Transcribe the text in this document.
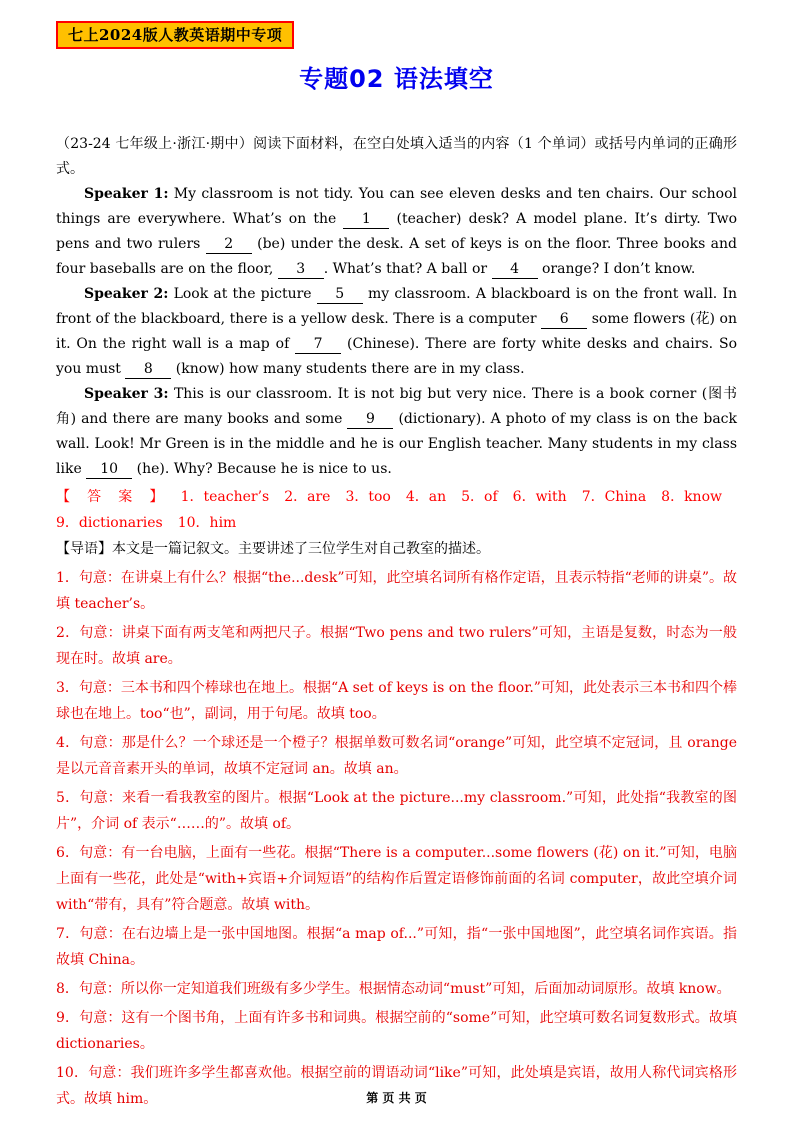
七上2024版人教英语期中专项
专题02 语法填空

（23-24 七年级上·浙江·期中）阅读下面材料，在空白处填入适当的内容（1 个单词）或括号内单词的正确形式。

Speaker 1: My classroom is not tidy. You can see eleven desks and ten chairs. Our school things are everywhere. What’s on the 1 (teacher) desk? A model plane. It’s dirty. Two pens and two rulers 2 (be) under the desk. A set of keys is on the floor. Three books and four baseballs are on the floor, 3 . What’s that? A ball or 4 orange? I don’t know.

Speaker 2: Look at the picture 5 my classroom. A blackboard is on the front wall. In front of the blackboard, there is a yellow desk. There is a computer 6 some flowers (花) on it. On the right wall is a map of 7 (Chinese). There are forty white desks and chairs. So you must 8 (know) how many students there are in my class.

Speaker 3: This is our classroom. It is not big but very nice. There is a book corner (图书角) and there are many books and some 9 (dictionary). A photo of my class is on the back wall. Look! Mr Green is in the middle and he is our English teacher. Many students in my class like 10 (he). Why? Because he is nice to us.

【答案】1．teacher’s 2．are 3．too 4．an 5．of 6．with 7．China 8．know9．dictionaries 10．him

【导语】本文是一篇记叙文。主要讲述了三位学生对自己教室的描述。

1．句意：在讲桌上有什么？根据“the...desk”可知，此空填名词所有格作定语，且表示特指“老师的讲桌”。故填 teacher’s。

2．句意：讲桌下面有两支笔和两把尺子。根据“Two pens and two rulers”可知，主语是复数，时态为一般现在时。故填 are。

3．句意：三本书和四个棒球也在地上。根据“A set of keys is on the floor.”可知，此处表示三本书和四个棒球也在地上。too“也”，副词，用于句尾。故填 too。

4．句意：那是什么？一个球还是一个橙子？根据单数可数名词“orange”可知，此空填不定冠词，且 orange 是以元音音素开头的单词，故填不定冠词 an。故填 an。

5．句意：来看一看我教室的图片。根据“Look at the picture...my classroom.”可知，此处指“我教室的图片”，介词 of 表示“……的”。故填 of。

6．句意：有一台电脑，上面有一些花。根据“There is a computer...some flowers (花) on it.”可知，电脑上面有一些花，此处是“with+宾语+介词短语”的结构作后置定语修饰前面的名词 computer，故此空填介词 with“带有，具有”符合题意。故填 with。

7．句意：在右边墙上是一张中国地图。根据“a map of...”可知，指“一张中国地图”，此空填名词作宾语。指故填 China。

8．句意：所以你一定知道我们班级有多少学生。根据情态动词“must”可知，后面加动词原形。故填 know。

9．句意：这有一个图书角，上面有许多书和词典。根据空前的“some”可知，此空填可数名词复数形式。故填 dictionaries。

10．句意：我们班许多学生都喜欢他。根据空前的谓语动词“like”可知，此处填是宾语，故用人称代词宾格形式。故填 him。	第 页 共 页
